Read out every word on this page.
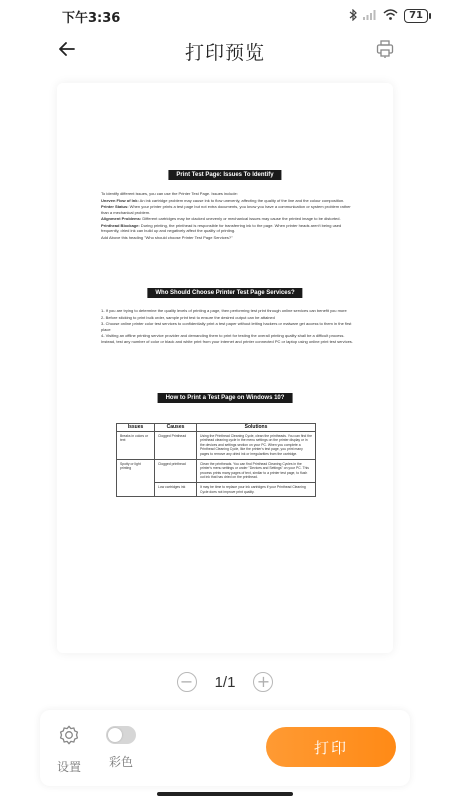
下午3:36	71
打印预览
Print Test Page: Issues To Identify

To identify different issues, you can use the Printer Test Page. Issues include:

Uneven Flow of Ink: An ink cartridge problem may cause ink to flow unevenly, affecting the quality of the line and the colour composition.

Printer Status: When your printer prints a test page but not extra documents, you know you have a communication or system problem rather than a mechanical problem.

Alignment Problems: Different cartridges may be clacked unevenly or mechanical issues may cause the printed image to be distorted.

Printhead Blockage: During printing, the printhead is responsible for transferring ink to the page. When printer heads aren't being used frequently, dried ink can build up and negatively affect the quality of printing.

Add Above this heading "Who should choose Printer Test Page Services?"

Who Should Choose Printer Test Page Services?

1- If you are trying to determine the quality levels of printing a page, then performing test print through online services can benefit you more

2- Before sticking to print bulk order, sample print test to ensure the desired output can be attained

3- Choose online printer color test services to confidentially print a test paper without letting hackers or malware get access to them in the first place

4- Visiting an offline printing service provider and demanding them to print for testing the overall printing quality shall be a difficult process. Instead, test any number of color or black and white print from your internet and printer connected PC or laptop using online print test services.

How to Print a Test Page on Windows 10?
Issues	Causes	Solutions
Breaks in colors or text	Clogged Printhead	Using the Printhead Cleaning Cycle, clean the printheads. You can find the printhead cleaning cycle in the menu settings on the printer display or in the devices and settings section on your PC. When you complete a Printhead Cleaning Cycle, like the printer's test page, you print many pages to remove any dried ink or irregularities from the cartridge.
Spotty or light printing	Clogged printhead	Clean the printheads. You can find Printhead Cleaning Cycles in the printer's menu settings or under "Devices and Settings" on your PC. This process prints many pages of text, similar to a printer test page, to flush out ink that has dried on the printhead.
	Low cartridges ink	It may be time to replace your ink cartridges if your Printhead Cleaning Cycle does not improve print quality.
− 1/1 +
设置 彩色
打印
